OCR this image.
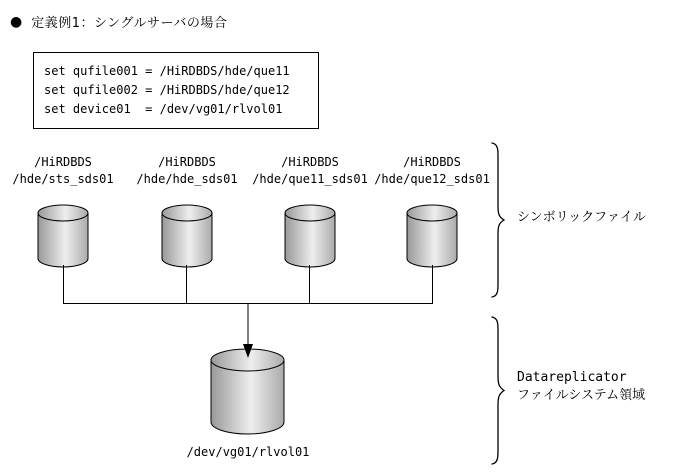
● 定義例1：シングルサーバの場合
set qufile001 = /HiRDBDS/hde/que11
set qufile002 = /HiRDBDS/hde/que12
set device01  = /dev/vg01/rlvol01
/HiRDBDS
/hde/sts_sds01
/HiRDBDS
/hde/hde_sds01
/HiRDBDS
/hde/que11_sds01
/HiRDBDS
/hde/que12_sds01
/dev/vg01/rlvol01
シンボリックファイル
Datareplicator
ファイルシステム領域
